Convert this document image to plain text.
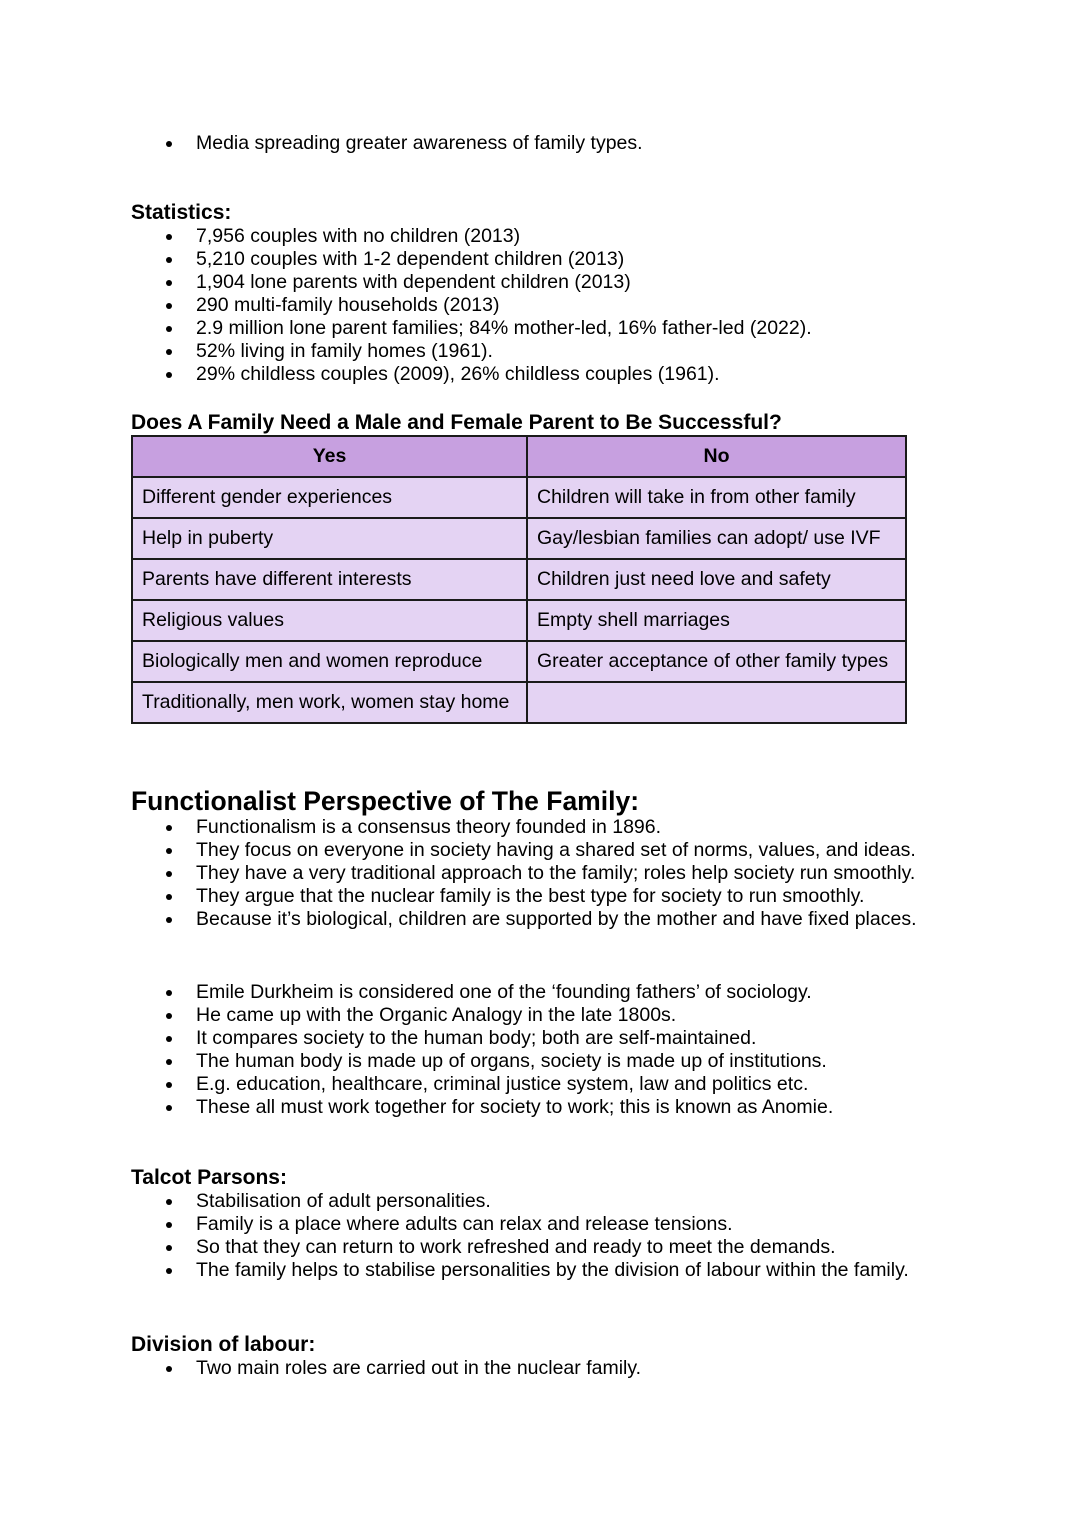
Media spreading greater awareness of family types.
Statistics:
7,956 couples with no children (2013)
5,210 couples with 1-2 dependent children (2013)
1,904 lone parents with dependent children (2013)
290 multi-family households (2013)
2.9 million lone parent families; 84% mother-led, 16% father-led (2022).
52% living in family homes (1961).
29% childless couples (2009), 26% childless couples (1961).
Does A Family Need a Male and Female Parent to Be Successful?
Yes	No
Different gender experiences	Children will take in from other family
Help in puberty	Gay/lesbian families can adopt/ use IVF
Parents have different interests	Children just need love and safety
Religious values	Empty shell marriages
Biologically men and women reproduce	Greater acceptance of other family types
Traditionally, men work, women stay home	
Functionalist Perspective of The Family:
Functionalism is a consensus theory founded in 1896.
They focus on everyone in society having a shared set of norms, values, and ideas.
They have a very traditional approach to the family; roles help society run smoothly.
They argue that the nuclear family is the best type for society to run smoothly.
Because it’s biological, children are supported by the mother and have fixed places.
Emile Durkheim is considered one of the ‘founding fathers’ of sociology.
He came up with the Organic Analogy in the late 1800s.
It compares society to the human body; both are self-maintained.
The human body is made up of organs, society is made up of institutions.
E.g. education, healthcare, criminal justice system, law and politics etc.
These all must work together for society to work; this is known as Anomie.
Talcot Parsons:
Stabilisation of adult personalities.
Family is a place where adults can relax and release tensions.
So that they can return to work refreshed and ready to meet the demands.
The family helps to stabilise personalities by the division of labour within the family.
Division of labour:
Two main roles are carried out in the nuclear family.
